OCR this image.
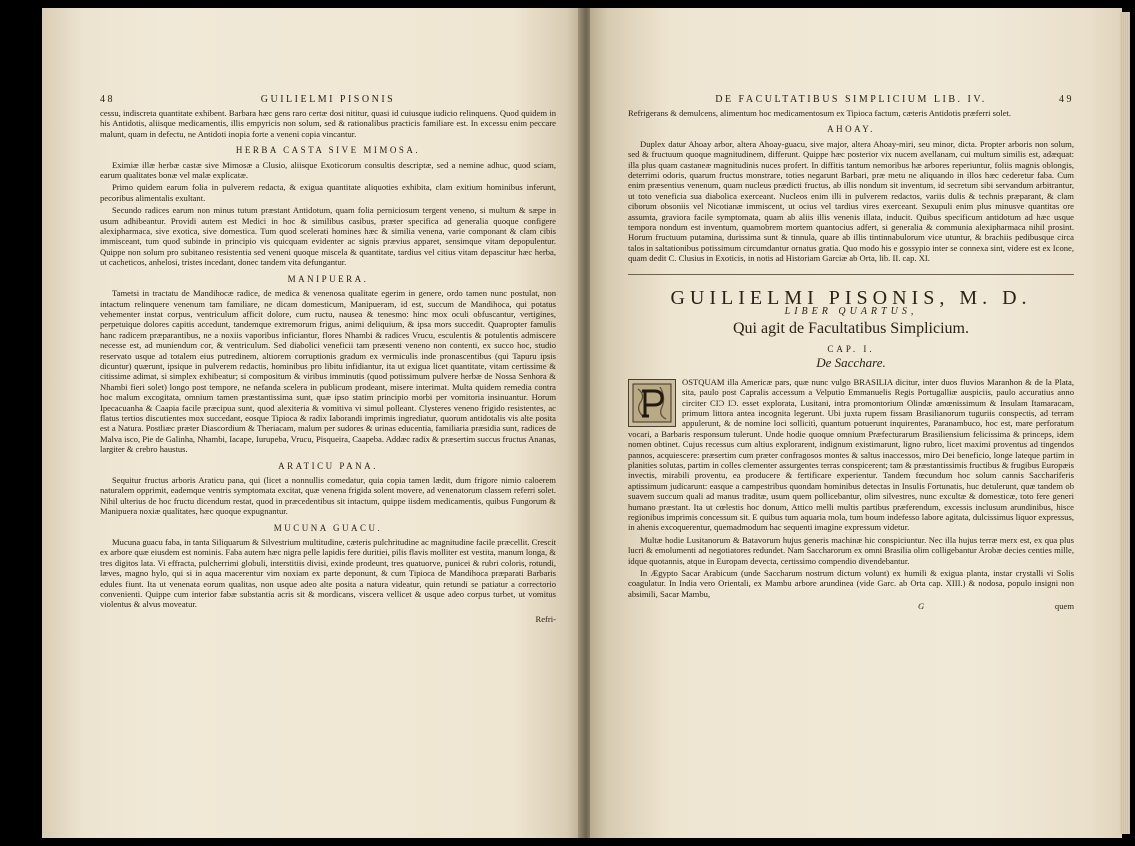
48	GUILIELMI PISONIS

cessu, indiscreta quantitate exhibent. Barbara hæc gens raro certæ dosi nititur, quasi id cuiusque iudicio relinquens. Quod quidem in his Antidotis, aliisque medicamentis, illis empyricis non solum, sed & rationalibus practicis familiare est. In excessu enim peccare malunt, quam in defectu, ne Antidoti inopia forte a veneni copia vincantur.

HERBA CASTA SIVE MIMOSA.

Eximiæ illæ herbæ castæ sive Mimosæ a Clusio, aliisque Exoticorum consultis descriptæ, sed a nemine adhuc, quod sciam, earum qualitates bonæ vel malæ explicatæ.

Primo quidem earum folia in pulverem redacta, & exigua quantitate aliquoties exhibita, clam exitium hominibus inferunt, pecoribus alimentalis exultant.

Secundo radices earum non minus tutum præstant Antidotum, quam folia perniciosum tergent veneno, si multum & sæpe in usum adhibeantur. Providi autem est Medici in hoc & similibus casibus, præter specifica ad generalia quoque configere alexipharmaca, sive exotica, sive domestica. Tum quod scelerati homines hæc & similia venena, varie componant & clam cibis immisceant, tum quod subinde in principio vis quicquam evidenter ac signis prævius apparet, sensimque vitam depopulentur. Quippe non solum pro subitaneo resistentia sed veneni quoque miscela & quantitate, tardius vel citius vitam depascitur hæc herba, ut cacheticos, anhelosi, tristes incedant, donec tandem vita defungantur.

MANIPUERA.

Tametsi in tractatu de Mandihocæ radice, de medica & venenosa qualitate egerim in genere, ordo tamen nunc postulat, non intactum relinquere venenum tam familiare, ne dicam domesticum, Manipueram, id est, succum de Mandihoca, qui potatus vehementer instat corpus, ventriculum afficit dolore, cum ructu, nausea & tenesmo: hinc mox oculi obfuscantur, vertigines, perpetuique dolores capitis accedunt, tandemque extremorum frigus, animi deliquium, & ipsa mors succedit. Quapropter famulis hanc radicem præparantibus, ne a noxiis vaporibus inficiantur, flores Nhambi & radices Vrucu, esculentis & potulentis admiscere necesse est, ad muniendum cor, & ventriculum. Sed diabolici veneficii tam præsenti veneno non contenti, ex succo hoc, studio reservato usque ad totalem eius putredinem, altiorem corruptionis gradum ex vermiculis inde pronascentibus (qui Tapuru ipsis dicuntur) quærunt, ipsique in pulverem redactis, hominibus pro libitu infidiantur, ita ut exigua licet quantitate, vitam certissime & citissime adimat, si simplex exhibeatur; si compositum & viribus imminutis (quod potissimum pulvere herbæ de Nossa Senhora & Nhambi fieri solet) longo post tempore, ne nefanda scelera in publicum prodeant, misere interimat. Multa quidem remedia contra hoc malum excogitata, omnium tamen præstantissima sunt, quæ ipso statim principio morbi per vomitoria insinuantur. Horum Ipecacuanha & Caapia facile præcipua sunt, quod alexiteria & vomitiva vi simul polleant. Clysteres veneno frigido resistentes, ac flatus tertios discutientes mox succedant, eosque Tipioca & radix Iaborandi imprimis ingrediatur, quorum antidotalis vis alte posita est a Natura. Postliæc præter Diascordium & Theriacam, malum per sudores & urinas educentia, familiaria præsidia sunt, radices de Malva isco, Pie de Galinha, Nhambi, Iacape, Iurupeba, Vrucu, Pisqueira, Caapeba. Addæc radix & præsertim succus fructus Ananas, largiter & crebro haustus.

ARATICU PANA.

Sequitur fructus arboris Araticu pana, qui (licet a nonnullis comedatur, quia copia tamen lædit, dum frigore nimio caloerem naturalem opprimit, eademque ventris symptomata excitat, quæ venena frigida solent movere, ad venenatorum classem referri solet. Nihil ulterius de hoc fructu dicendum restat, quod in præcedentibus sit intactum, quippe iisdem medicamentis, quibus Fungorum & Manipuera noxiæ qualitates, hæc quoque expugnantur.

MUCUNA GUACU.

Mucuna guacu faba, in tanta Siliquarum & Silvestrium multitudine, cæteris pulchritudine ac magnitudine facile præcellit. Crescit ex arbore quæ eiusdem est nominis. Faba autem hæc nigra pelle lapidis fere duritiei, pilis flavis molliter est vestita, manum longa, & tres digitos lata. Vi effracta, pulcherrimi globuli, interstitiis divisi, exinde prodeunt, tres quatuorve, punicei & rubri coloris, rotundi, læves, magno hylo, qui si in aqua macerentur vim noxiam ex parte deponunt, & cum Tipioca de Mandihoca præparati Barbaris edules fiunt. Ita ut venenata eorum qualitas, non usque adeo alte posita a natura videatur, quin retundi se patiatur a correctorio convenienti. Quippe cum interior fabæ substantia acris sit & mordicans, viscera vellicet & usque adeo corpus turbet, ut vomitus violentus & alvus moveatur.

Refri-
DE FACULTATIBUS SIMPLICIUM LIB. IV.	49

Refrigerans & demulcens, alimentum hoc medicamentosum ex Tipioca factum, cæteris Antidotis præferri solet.

AHOAY.

Duplex datur Ahoay arbor, altera Ahoay-guacu, sive major, altera Ahoay-miri, seu minor, dicta. Propter arboris non solum, sed & fructuum quoque magnitudinem, differunt. Quippe hæc posterior vix nucem avellanam, cui multum similis est, adæquat: illa plus quam castaneæ magnitudinis nuces profert. In diffitis tantum nemoribus hæ arbores reperiuntur, foliis magnis oblongis, deterrimi odoris, quarum fructus monstrare, toties negarunt Barbari, præ metu ne aliquando in illos hæc cederetur faba. Cum enim præsentius venenum, quam nucleus prædicti fructus, ab illis nondum sit inventum, id secretum sibi servandum arbitrantur, ut toto veneficia sua diabolica exerceant. Nucleos enim illi in pulverem redactos, variis dulis & technis præparant, & clam ciborum obsoniis vel Nicotianæ immiscent, ut ocius vel tardius vires exerceant. Sexupuli enim plus minusve quantitas ore assumta, graviora facile symptomata, quam ab aliis illis venenis illata, inducit. Quibus specificum antidotum ad hæc usque tempora nondum est inventum, quamobrem mortem quantocius adfert, si generalia & communia alexipharmaca nihil prosint. Horum fructuum putamina, durissima sunt & tinnula, quare ab illis tintinnabulorum vice utuntur, & brachiis pedibusque circa talos in saltationibus potissimum circumdantur ornatus gratia. Quo modo his e gossypio inter se connexa sint, videre est ex Icone, quam dedit C. Clusius in Exoticis, in notis ad Historiam Garciæ ab Orta, lib. II. cap. XI.

GUILIELMI PISONIS, M. D.
LIBER QUARTUS,
Qui agit de Facultatibus Simplicium.
CAP. I.
De Sacchare.

OSTQUAM illa Americæ pars, quæ nunc vulgo BRASILIA dicitur, inter duos fluvios Maranhon & de la Plata, sita, paulo post Capralis accessum a Velputio Emmanuelis Regis Portugalliæ auspiciis, paulo accuratius anno circiter CIƆ IƆ. esset explorata, Lusitani, intra promontorium Olindæ amœnissimum & Insulam Itamaracam, primum littora antea incognita legerunt. Ubi juxta rupem fissam Brasilianorum tuguriis conspectis, ad terram appulerunt, & de nomine loci sollicitì, quantum potuerunt inquirentes, Paranambuco, hoc est, mare perforatum vocari, a Barbaris responsum tulerunt. Unde hodie quoque omnium Præfecturarum Brasiliensium felicissima & princeps, idem nomen obtinet. Cujus recessus cum altius explorarent, indignum existimarunt, ligno rubro, licet maximi proventus ad tingendos pannos, acquiescere: præsertim cum præter confragosos montes & saltus inaccessos, miro Dei beneficio, longe lateque partim in planities solutas, partim in colles clementer assurgentes terras conspicerent; tam & præstantissimis fructibus & frugibus Europæis invectis, mirabili proventu, ea producere & fertificare experientur. Tandem fœcundum hoc solum cannis Sacchariferis aptissimum judicarunt: easque a campestribus quondam hominibus detectas in Insulis Fortunatis, huc detulerunt, quæ tandem ob suavem succum quali ad manus traditæ, usum quem pollicebantur, olim silvestres, nunc excultæ & domesticæ, toto fere generi humano præstant. Ita ut cœlestis hoc donum, Attico melli multis partibus præferendum, excessis inclusum arundinibus, hisce regionibus imprimis concessum sit. E quibus tum aquaria mola, tum boum indefesso labore agitata, dulcissimus liquor expressus, in ahenis excoquerentur, quemadmodum hac sequenti imagine expressum videtur.

Multæ hodie Lusitanorum & Batavorum hujus generis machinæ hic conspiciuntur. Nec illa hujus terræ merx est, ex qua plus lucri & emolumenti ad negotiatores redundet. Nam Saccharorum ex omni Brasilia olim colligebantur Arobæ decies centies mille, idque quotannis, atque in Europam devecta, certissimo compendio divendebantur.

In Ægypto Sacar Arabicum (unde Saccharum nostrum dictum volunt) ex humili & exigua planta, instar crystalli vi Solis coagulatur. In India vero Orientali, ex Mambu arbore arundinea (vide Garc. ab Orta cap. XIII.) & nodosa, populo insigni non absimili, Sacar Mambu,

G	quem
